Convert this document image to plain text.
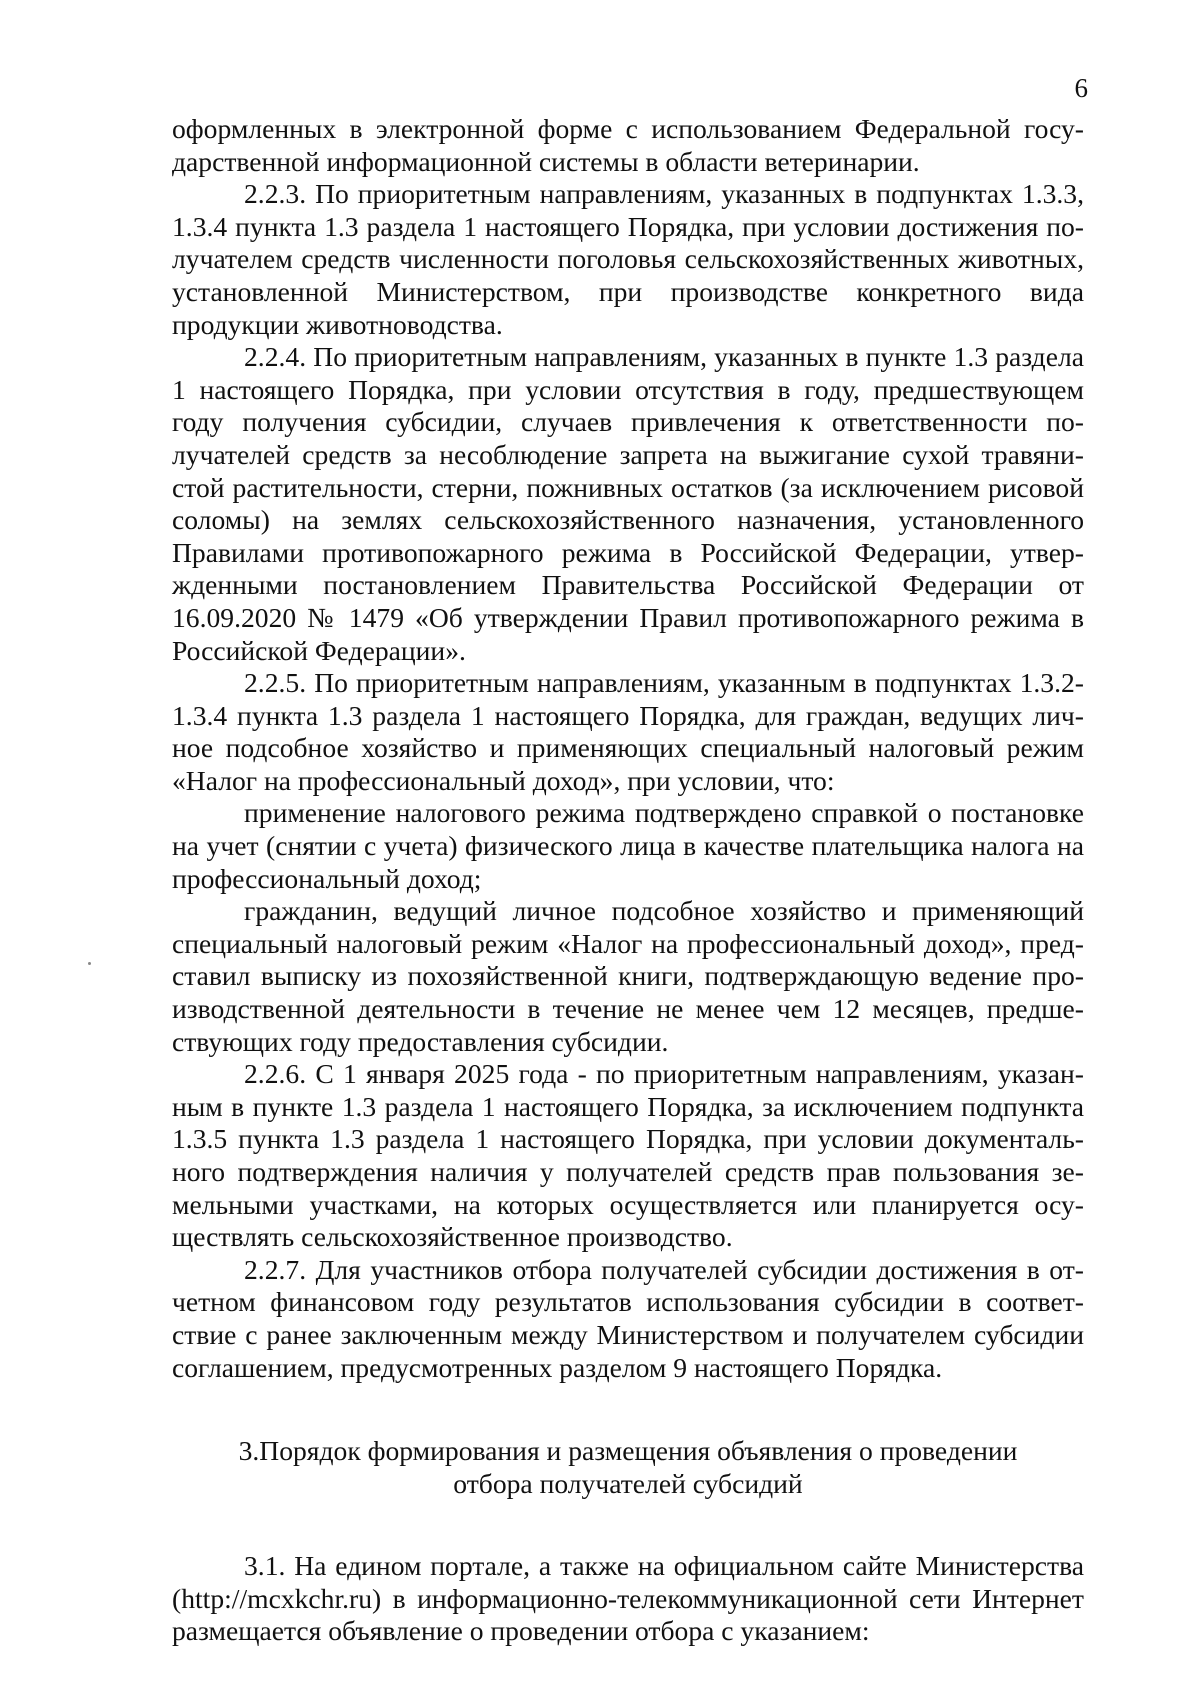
6

оформленных в электронной форме с использованием Федеральной государственной информационной системы в области ветеринарии.

2.2.3. По приоритетным направлениям, указанных в подпунктах 1.3.3, 1.3.4 пункта 1.3 раздела 1 настоящего Порядка, при условии достижения получателем средств численности поголовья сельскохозяйственных животных, установленной Министерством, при производстве конкретного вида продукции животноводства.

2.2.4. По приоритетным направлениям, указанных в пункте 1.3 раздела 1 настоящего Порядка, при условии отсутствия в году, предшествующем году получения субсидии, случаев привлечения к ответственности получателей средств за несоблюдение запрета на выжигание сухой травянистой растительности, стерни, пожнивных остатков (за исключением рисовой соломы) на землях сельскохозяйственного назначения, установленного Правилами противопожарного режима в Российской Федерации, утвержденными постановлением Правительства Российской Федерации от 16.09.2020 № 1479 «Об утверждении Правил противопожарного режима в Российской Федерации».

2.2.5. По приоритетным направлениям, указанным в подпунктах 1.3.2-1.3.4 пункта 1.3 раздела 1 настоящего Порядка, для граждан, ведущих личное подсобное хозяйство и применяющих специальный налоговый режим «Налог на профессиональный доход», при условии, что:

применение налогового режима подтверждено справкой о постановке на учет (снятии с учета) физического лица в качестве плательщика налога на профессиональный доход;

гражданин, ведущий личное подсобное хозяйство и применяющий специальный налоговый режим «Налог на профессиональный доход», представил выписку из похозяйственной книги, подтверждающую ведение производственной деятельности в течение не менее чем 12 месяцев, предшествующих году предоставления субсидии.

2.2.6. С 1 января 2025 года - по приоритетным направлениям, указанным в пункте 1.3 раздела 1 настоящего Порядка, за исключением подпункта 1.3.5 пункта 1.3 раздела 1 настоящего Порядка, при условии документального подтверждения наличия у получателей средств прав пользования земельными участками, на которых осуществляется или планируется осуществлять сельскохозяйственное производство.

2.2.7. Для участников отбора получателей субсидии достижения в отчетном финансовом году результатов использования субсидии в соответствие с ранее заключенным между Министерством и получателем субсидии соглашением, предусмотренных разделом 9 настоящего Порядка.

3.Порядок формирования и размещения объявления о проведении
отбора получателей субсидий

3.1. На едином портале, а также на официальном сайте Министерства (http://mcxkchr.ru) в информационно-телекоммуникационной сети Интернет размещается объявление о проведении отбора с указанием:
